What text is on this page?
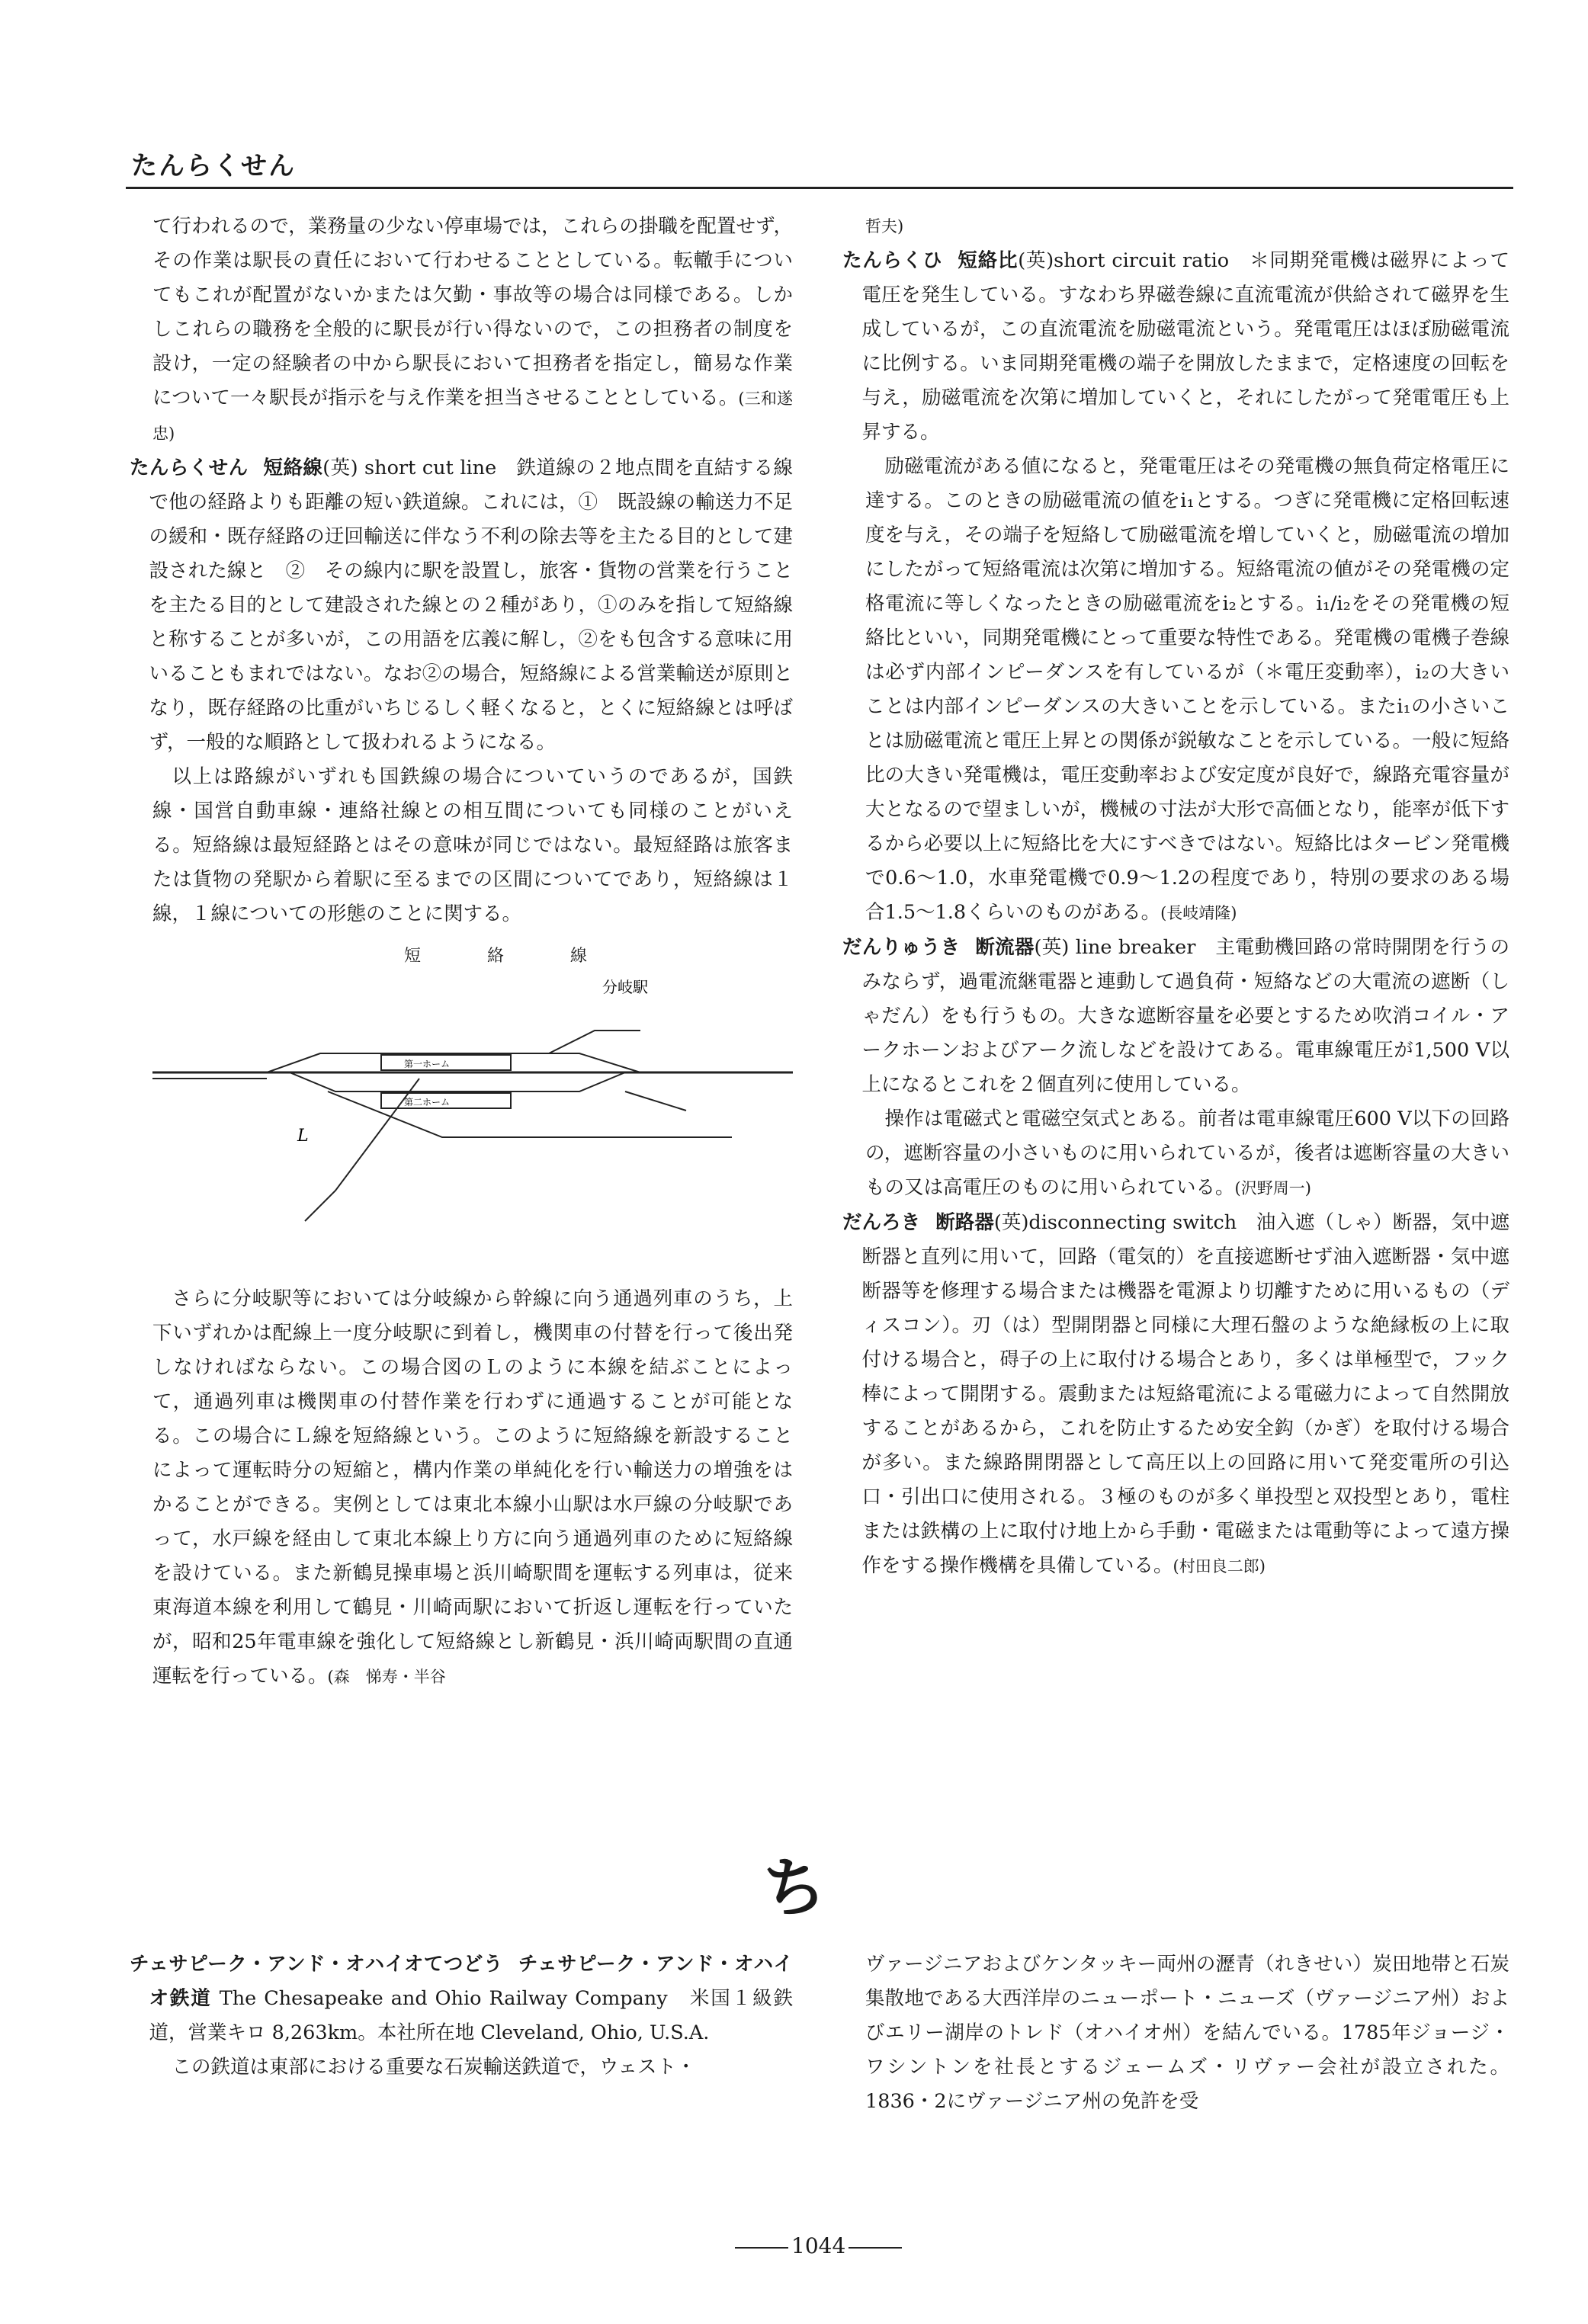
たんらくせん

て行われるので，業務量の少ない停車場では，これらの掛職を配置せず，その作業は駅長の責任において行わせることとしている。転轍手についてもこれが配置がないかまたは欠勤・事故等の場合は同様である。しかしこれらの職務を全般的に駅長が行い得ないので，この担務者の制度を設け，一定の経験者の中から駅長において担務者を指定し，簡易な作業について一々駅長が指示を与え作業を担当させることとしている。(三和遂忠)

たんらくせん 短絡線(英) short cut line　鉄道線の２地点間を直結する線で他の経路よりも距離の短い鉄道線。これには，①　既設線の輸送力不足の緩和・既存経路の迂回輸送に伴なう不利の除去等を主たる目的として建設された線と　②　その線内に駅を設置し，旅客・貨物の営業を行うことを主たる目的として建設された線との２種があり，①のみを指して短絡線と称することが多いが，この用語を広義に解し，②をも包含する意味に用いることもまれではない。なお②の場合，短絡線による営業輸送が原則となり，既存経路の比重がいちじるしく軽くなると，とくに短絡線とは呼ばず，一般的な順路として扱われるようになる。

以上は路線がいずれも国鉄線の場合についていうのであるが，国鉄線・国営自動車線・連絡社線との相互間についても同様のことがいえる。短絡線は最短経路とはその意味が同じではない。最短経路は旅客または貨物の発駅から着駅に至るまでの区間についてであり，短絡線は１線，１線についての形態のことに関する。

短 絡 線
分岐駅
第一ホーム
第二ホーム
L

さらに分岐駅等においては分岐線から幹線に向う通過列車のうち，上下いずれかは配線上一度分岐駅に到着し，機関車の付替を行って後出発しなければならない。この場合図のＬのように本線を結ぶことによって，通過列車は機関車の付替作業を行わずに通過することが可能となる。この場合にＬ線を短絡線という。このように短絡線を新設することによって運転時分の短縮と，構内作業の単純化を行い輸送力の増強をはかることができる。実例としては東北本線小山駅は水戸線の分岐駅であって，水戸線を経由して東北本線上り方に向う通過列車のために短絡線を設けている。また新鶴見操車場と浜川崎駅間を運転する列車は，従来東海道本線を利用して鶴見・川崎両駅において折返し運転を行っていたが，昭和25年電車線を強化して短絡線とし新鶴見・浜川崎両駅間の直通運転を行っている。(森　悌寿・半谷

哲夫)

たんらくひ 短絡比(英)short circuit ratio　＊同期発電機は磁界によって電圧を発生している。すなわち界磁巻線に直流電流が供給されて磁界を生成しているが，この直流電流を励磁電流という。発電電圧はほぼ励磁電流に比例する。いま同期発電機の端子を開放したままで，定格速度の回転を与え，励磁電流を次第に増加していくと，それにしたがって発電電圧も上昇する。

励磁電流がある値になると，発電電圧はその発電機の無負荷定格電圧に達する。このときの励磁電流の値をi₁とする。つぎに発電機に定格回転速度を与え，その端子を短絡して励磁電流を増していくと，励磁電流の増加にしたがって短絡電流は次第に増加する。短絡電流の値がその発電機の定格電流に等しくなったときの励磁電流をi₂とする。i₁/i₂をその発電機の短絡比といい，同期発電機にとって重要な特性である。発電機の電機子巻線は必ず内部インピーダンスを有しているが（＊電圧変動率），i₂の大きいことは内部インピーダンスの大きいことを示している。またi₁の小さいことは励磁電流と電圧上昇との関係が鋭敏なことを示している。一般に短絡比の大きい発電機は，電圧変動率および安定度が良好で，線路充電容量が大となるので望ましいが，機械の寸法が大形で高価となり，能率が低下するから必要以上に短絡比を大にすべきではない。短絡比はタービン発電機で0.6～1.0，水車発電機で0.9～1.2の程度であり，特別の要求のある場合1.5～1.8くらいのものがある。(長岐靖隆)

だんりゅうき 断流器(英) line breaker　主電動機回路の常時開閉を行うのみならず，過電流継電器と連動して過負荷・短絡などの大電流の遮断（しゃだん）をも行うもの。大きな遮断容量を必要とするため吹消コイル・アークホーンおよびアーク流しなどを設けてある。電車線電圧が1,500 V以上になるとこれを２個直列に使用している。

操作は電磁式と電磁空気式とある。前者は電車線電圧600 V以下の回路の，遮断容量の小さいものに用いられているが，後者は遮断容量の大きいもの又は高電圧のものに用いられている。(沢野周一)

だんろき 断路器(英)disconnecting switch　油入遮（しゃ）断器，気中遮断器と直列に用いて，回路（電気的）を直接遮断せず油入遮断器・気中遮断器等を修理する場合または機器を電源より切離すために用いるもの（ディスコン）。刃（は）型開閉器と同様に大理石盤のような絶縁板の上に取付ける場合と，碍子の上に取付ける場合とあり，多くは単極型で，フック棒によって開閉する。震動または短絡電流による電磁力によって自然開放することがあるから，これを防止するため安全鈎（かぎ）を取付ける場合が多い。また線路開閉器として高圧以上の回路に用いて発変電所の引込口・引出口に使用される。３極のものが多く単投型と双投型とあり，電柱または鉄構の上に取付け地上から手動・電磁または電動等によって遠方操作をする操作機構を具備している。(村田良二郎)

ち

チェサピーク・アンド・オハイオてつどう チェサピーク・アンド・オハイオ鉄道 The Chesapeake and Ohio Railway Company　米国１級鉄道，営業キロ 8,263km。本社所在地 Cleveland, Ohio, U.S.A.

この鉄道は東部における重要な石炭輸送鉄道で，ウェスト・

ヴァージニアおよびケンタッキー両州の瀝青（れきせい）炭田地帯と石炭集散地である大西洋岸のニューポート・ニューズ（ヴァージニア州）およびエリー湖岸のトレド（オハイオ州）を結んでいる。1785年ジョージ・ワシントンを社長とするジェームズ・リヴァー会社が設立された。1836・2にヴァージニア州の免許を受

1044
